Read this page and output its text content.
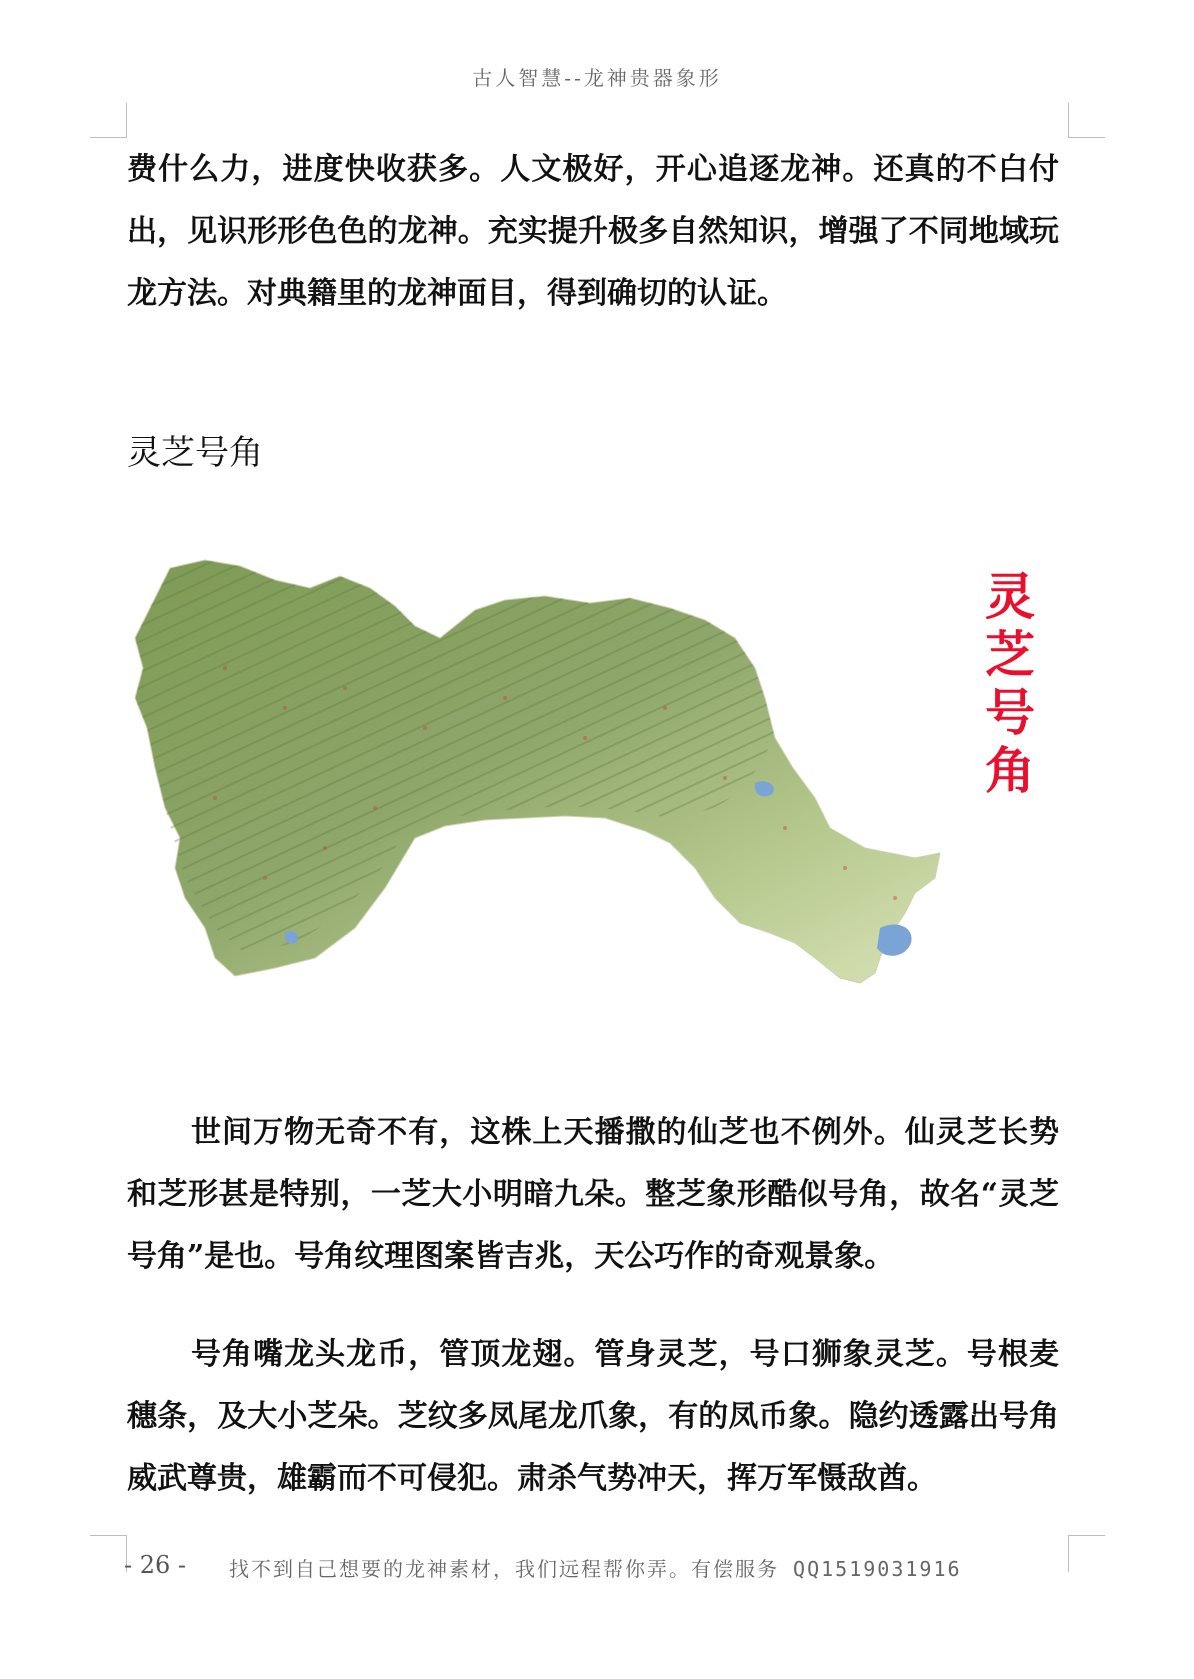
古人智慧--龙神贵器象形

费什么力，进度快收获多。人文极好，开心追逐龙神。还真的不白付出，见识形形色色的龙神。充实提升极多自然知识，增强了不同地域玩龙方法。对典籍里的龙神面目，得到确切的认证。

灵芝号角
灵
芝
号
角

世间万物无奇不有，这株上天播撒的仙芝也不例外。仙灵芝长势和芝形甚是特别，一芝大小明暗九朵。整芝象形酷似号角，故名“灵芝号角”是也。号角纹理图案皆吉兆，天公巧作的奇观景象。

号角嘴龙头龙币，管顶龙翅。管身灵芝，号口狮象灵芝。号根麦穗条，及大小芝朵。芝纹多凤尾龙爪象，有的凤币象。隐约透露出号角威武尊贵，雄霸而不可侵犯。肃杀气势冲天，挥万军慑敌酋。

- 26 - 找不到自己想要的龙神素材，我们远程帮你弄。有偿服务 QQ1519031916
